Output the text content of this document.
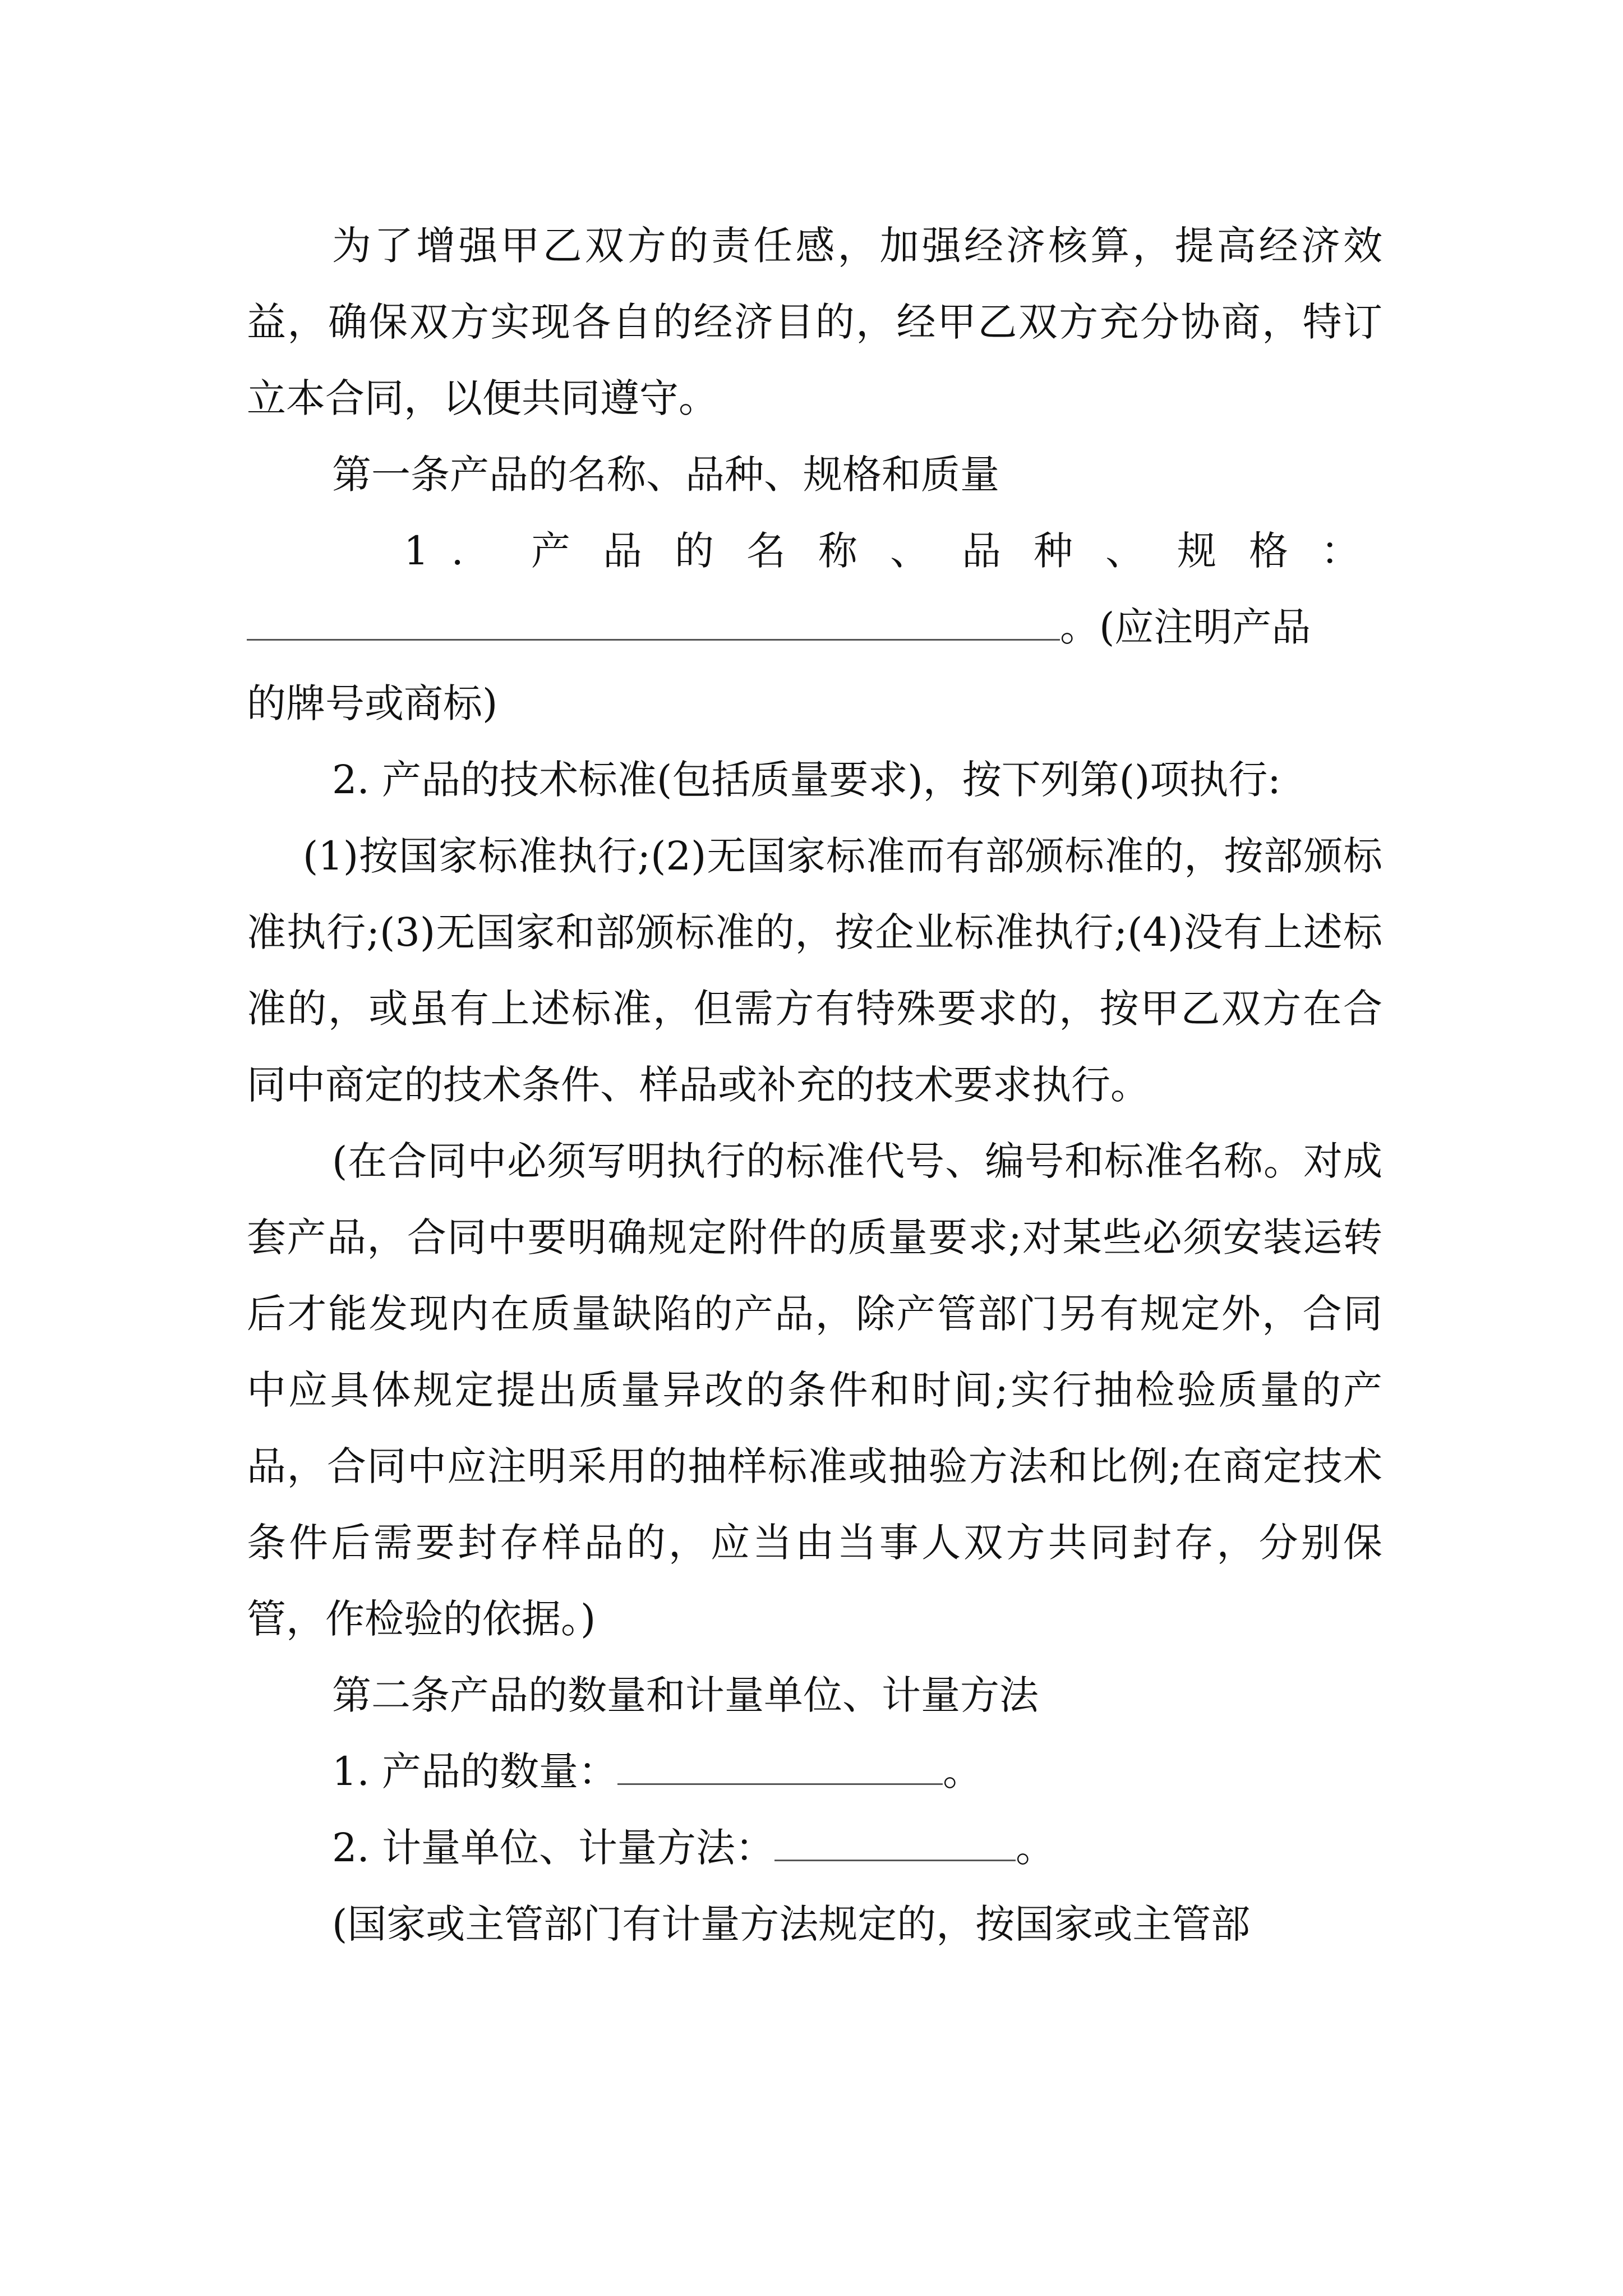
为了增强甲乙双方的责任感，加强经济核算，提高经济效益，确保双方实现各自的经济目的，经甲乙双方充分协商，特订立本合同，以便共同遵守。

第一条产品的名称、品种、规格和质量

1. 产品的名称、品种、规格：

。(应注明产品

的牌号或商标)

2. 产品的技术标准(包括质量要求)，按下列第()项执行:

(1)按国家标准执行;(2)无国家标准而有部颁标准的，按部颁标准执行;(3)无国家和部颁标准的，按企业标准执行;(4)没有上述标准的，或虽有上述标准，但需方有特殊要求的，按甲乙双方在合同中商定的技术条件、样品或补充的技术要求执行。

(在合同中必须写明执行的标准代号、编号和标准名称。对成套产品，合同中要明确规定附件的质量要求;对某些必须安装运转后才能发现内在质量缺陷的产品，除产管部门另有规定外，合同中应具体规定提出质量异改的条件和时间;实行抽检验质量的产品，合同中应注明采用的抽样标准或抽验方法和比例;在商定技术条件后需要封存样品的，应当由当事人双方共同封存，分别保管，作检验的依据。)

第二条产品的数量和计量单位、计量方法

1. 产品的数量：	。

2. 计量单位、计量方法：	。

(国家或主管部门有计量方法规定的，按国家或主管部
